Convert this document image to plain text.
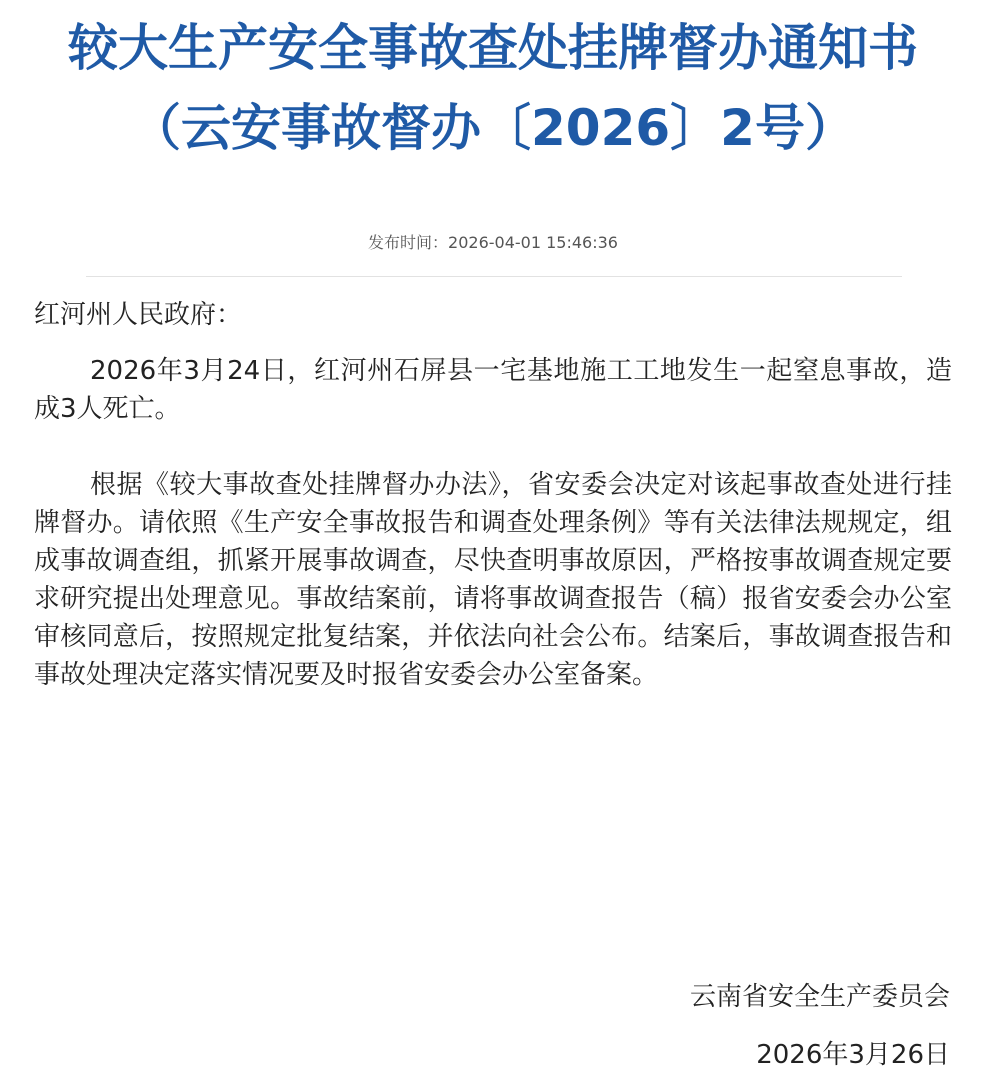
较大生产安全事故查处挂牌督办通知书
（云安事故督办〔2026〕2号）
发布时间：2026-04-01 15:46:36
红河州人民政府：

2026年3月24日，红河州石屏县一宅基地施工工地发生一起窒息事故，造成3人死亡。

根据《较大事故查处挂牌督办办法》，省安委会决定对该起事故查处进行挂牌督办。请依照《生产安全事故报告和调查处理条例》等有关法律法规规定，组成事故调查组，抓紧开展事故调查，尽快查明事故原因，严格按事故调查规定要求研究提出处理意见。事故结案前，请将事故调查报告（稿）报省安委会办公室审核同意后，按照规定批复结案，并依法向社会公布。结案后，事故调查报告和事故处理决定落实情况要及时报省安委会办公室备案。

云南省安全生产委员会
2026年3月26日
